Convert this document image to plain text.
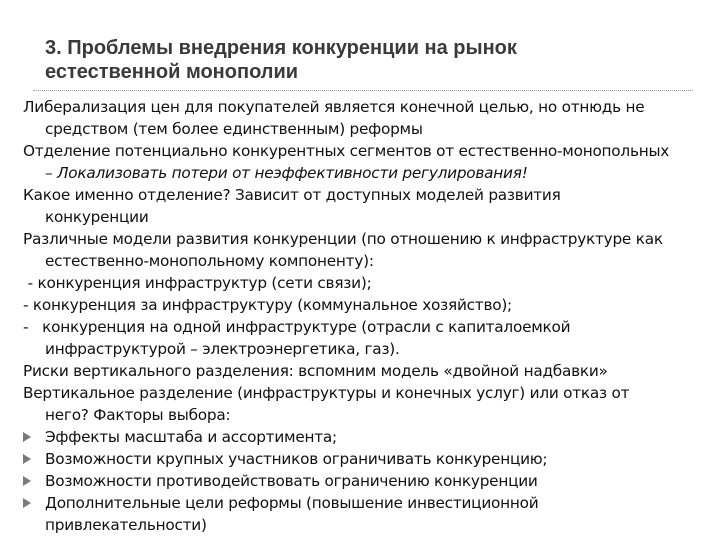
3. Проблемы внедрения конкуренции на рынок
естественной монополии

Либерализация цен для покупателей является конечной целью, но отнюдь не
средством (тем более единственным) реформы

Отделение потенциально конкурентных сегментов от естественно-монопольных
– Локализовать потери от неэффективности регулирования!

Какое именно отделение? Зависит от доступных моделей развития
конкуренции

Различные модели развития конкуренции (по отношению к инфраструктуре как
естественно-монопольному компоненту):

- конкуренция инфраструктур (сети связи);

- конкуренция за инфраструктуру (коммунальное хозяйство);

-   конкуренция на одной инфраструктуре (отрасли с капиталоемкой
инфраструктурой – электроэнергетика, газ).

Риски вертикального разделения: вспомним модель «двойной надбавки»

Вертикальное разделение (инфраструктуры и конечных услуг) или отказ от
него? Факторы выбора:

Эффекты масштаба и ассортимента;
Возможности крупных участников ограничивать конкуренцию;
Возможности противодействовать ограничению конкуренции
Дополнительные цели реформы (повышение инвестиционной
привлекательности)
